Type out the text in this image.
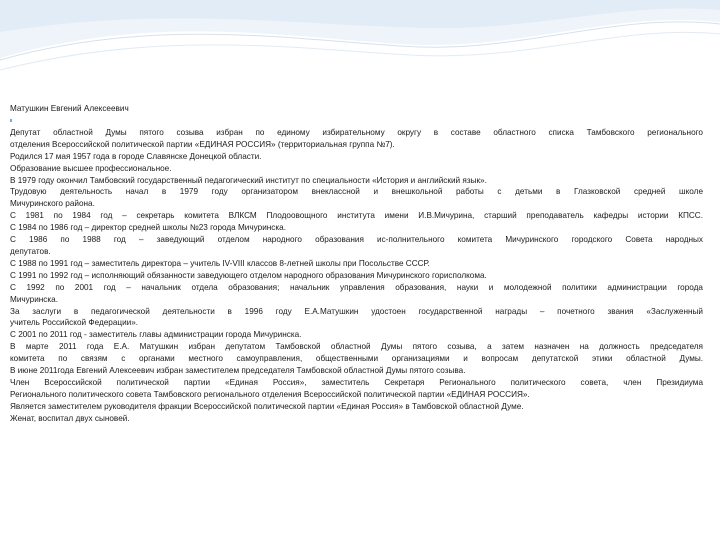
Матушкин Евгений Алексеевич
Депутат областной Думы пятого созыва избран по единому избирательному округу в составе областного списка Тамбовского регионального
отделения Всероссийской политической партии «ЕДИНАЯ РОССИЯ» (территориальная группа №7).
Родился 17 мая 1957 года в городе Славянске Донецкой области.
Образование высшее профессиональное.
В 1979 году окончил Тамбовский государственный педагогический институт по специальности «История и английский язык».
Трудовую деятельность начал в 1979 году организатором внеклассной и внешкольной работы с детьми в Глазковской средней школе
Мичуринского района.
С 1981 по 1984 год – секретарь комитета ВЛКСМ Плодоовощного института имени И.В.Мичурина, старший преподаватель кафедры истории КПСС.
С 1984 по 1986 год – директор средней школы №23 города Мичуринска.
С 1986 по 1988 год – заведующий отделом народного образования ис-полнительного комитета Мичуринского городского Совета народных
депутатов.
С 1988 по 1991 год – заместитель директора – учитель IV-VIII классов 8-летней школы при Посольстве СССР.
С 1991 по 1992 год – исполняющий обязанности заведующего отделом народного образования Мичуринского горисполкома.
С 1992 по 2001 год – начальник отдела образования; начальник управления образования, науки и молодежной политики администрации города
Мичуринска.
За заслуги в педагогической деятельности в 1996 году Е.А.Матушкин удостоен государственной награды – почетного звания «Заслуженный
учитель Российской Федерации».
С 2001 по 2011 год - заместитель главы администрации города Мичуринска.
В марте 2011 года Е.А. Матушкин избран депутатом Тамбовской областной Думы пятого созыва, а затем назначен на должность председателя
комитета по связям с органами местного самоуправления, общественными организациями и вопросам депутатской этики областной Думы.
В июне 2011года Евгений Алексеевич избран заместителем председателя Тамбовской областной Думы пятого созыва.
Член Всероссийской политической партии «Единая Россия», заместитель Секретаря Регионального политического совета, член Президиума
Регионального политического совета Тамбовского регионального отделения Всероссийской политической партии «ЕДИНАЯ РОССИЯ».
Является заместителем руководителя фракции Всероссийской политической партии «Единая Россия» в Тамбовской областной Думе.
Женат, воспитал двух сыновей.
